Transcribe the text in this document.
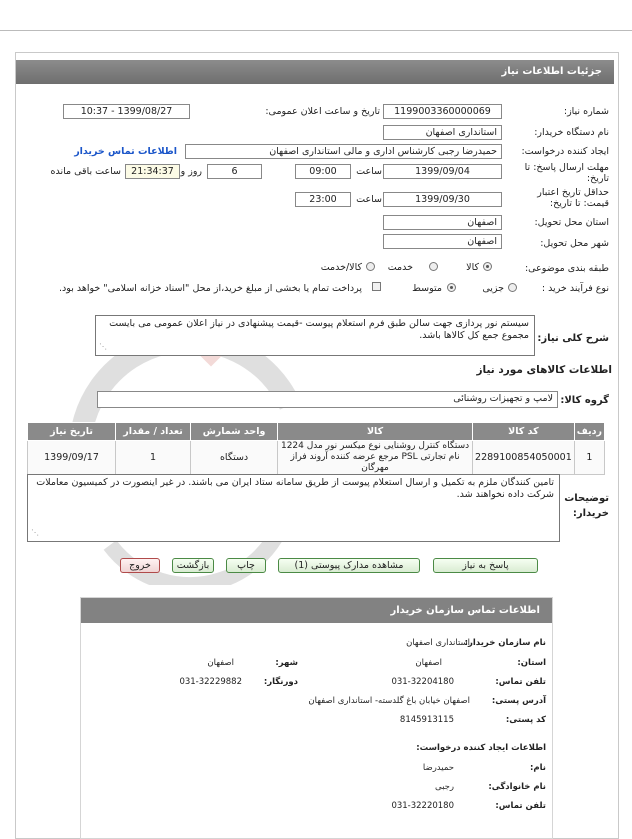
جزئیات اطلاعات نیاز
شماره نیاز:
1199003360000069
تاریخ و ساعت اعلان عمومی:
1399/08/27 - 10:37
نام دستگاه خریدار:
استانداری اصفهان
ایجاد کننده درخواست:
حمیدرضا رجبی کارشناس اداری و مالی استانداری اصفهان
اطلاعات تماس خریدار
مهلت ارسال پاسخ: تا
تاریخ:
1399/09/04
ساعت
09:00
6
روز و
21:34:37
ساعت باقی مانده
حداقل تاریخ اعتبار
قیمت: تا تاریخ:
1399/09/30
ساعت
23:00
استان محل تحویل:
اصفهان
شهر محل تحویل:
اصفهان
طبقه بندی موضوعی:
کالا
خدمت
کالا/خدمت
نوع فرآیند خرید :
جزیی
متوسط
پرداخت تمام یا بخشی از مبلغ خرید،از محل "اسناد خزانه اسلامی" خواهد بود.
شرح کلی نیاز:
سیستم نور پردازی جهت سالن طبق فرم استعلام پیوست -قیمت پیشنهادی در نیاز اعلان عمومی می بایست مجموع جمع کل کالاها باشد.
⋰
اطلاعات کالاهای مورد نیاز
گروه کالا:
لامپ و تجهیزات روشنائی
ردیف	کد کالا	کالا	واحد شمارش	تعداد / مقدار	تاریخ نیاز
1	2289100854050001	دستگاه کنترل روشنایی نوع میکسر نور مدل 1224 نام تجارتی PSL مرجع عرضه کننده آروند فراز مهرگان	دستگاه	1	1399/09/17
توضیحات
خریدار:
تامین کنندگان ملزم به تکمیل و ارسال استعلام پیوست از طریق سامانه ستاد ایران می باشند. در غیر اینصورت در کمیسیون معاملات شرکت داده نخواهند شد.
⋰
پاسخ به نیاز
مشاهده مدارک پیوستی (1)
چاپ
بازگشت
خروج
اطلاعات تماس سازمان خریدار
نام سازمان خریدار:
استانداری اصفهان
استان:
اصفهان
شهر:
اصفهان
تلفن تماس:
031-32204180
دورنگار:
031-32229882
آدرس پستی:
اصفهان خیابان باغ گلدسته- استانداری اصفهان
کد پستی:
8145913115
اطلاعات ایجاد کننده درخواست:
نام:
حمیدرضا
نام خانوادگی:
رجبی
تلفن تماس:
031-32220180
